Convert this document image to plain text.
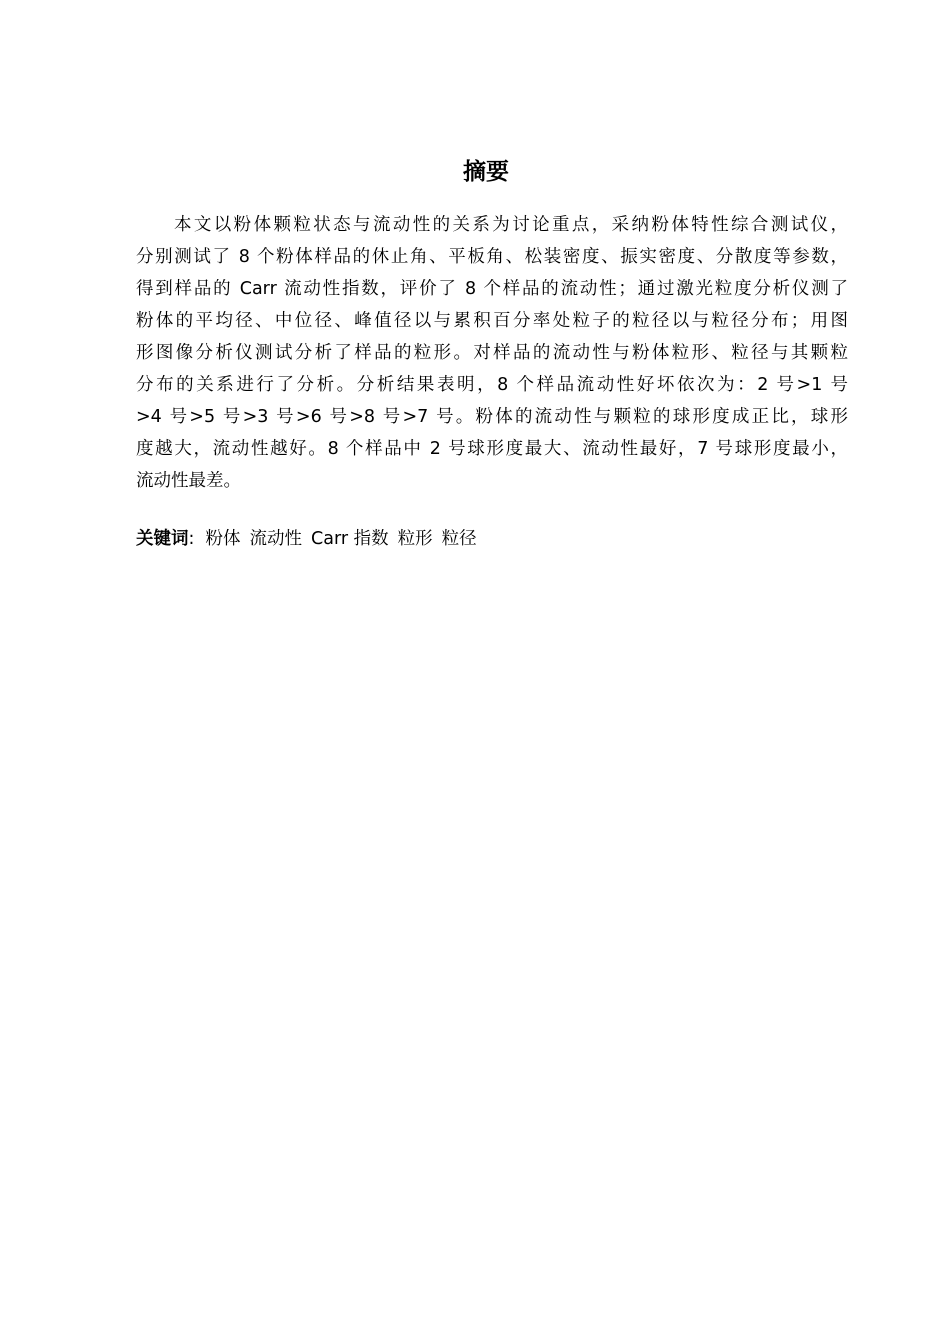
摘要
本文以粉体颗粒状态与流动性的关系为讨论重点，采纳粉体特性综合测试仪，
分别测试了 8 个粉体样品的休止角、平板角、松装密度、振实密度、分散度等参数，
得到样品的 Carr 流动性指数，评价了 8 个样品的流动性；通过激光粒度分析仪测了
粉体的平均径、中位径、峰值径以与累积百分率处粒子的粒径以与粒径分布；用图
形图像分析仪测试分析了样品的粒形。对样品的流动性与粉体粒形、粒径与其颗粒
分布的关系进行了分析。分析结果表明，8 个样品流动性好坏依次为：2 号>1 号
>4 号>5 号>3 号>6 号>8 号>7 号。粉体的流动性与颗粒的球形度成正比，球形
度越大，流动性越好。8 个样品中 2 号球形度最大、流动性最好，7 号球形度最小，
流动性最差。

关键词: 粉体 流动性 Carr 指数 粒形 粒径
